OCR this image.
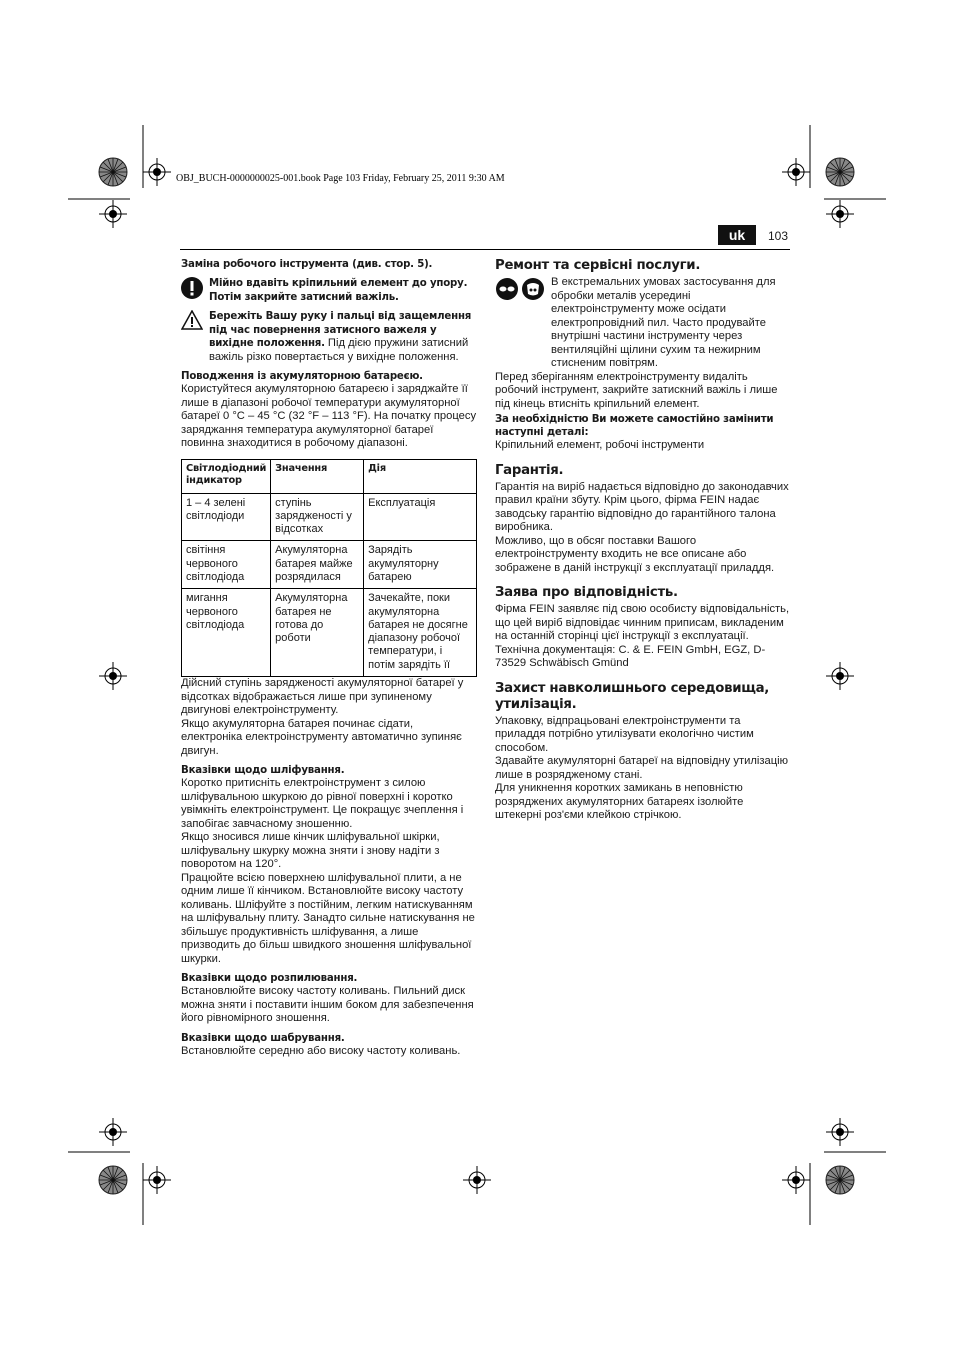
OBJ_BUCH-0000000025-001.book Page 103 Friday, February 25, 2011 9:30 AM
uk	103

Заміна робочого інструмента (див. стор. 5).

Мійно вдавіть кріпильний елемент до упору. Потім закрийте затисний важіль.
Бережіть Вашу руку і пальці від защемлення під час повернення затисного важеля у вихідне положення. Під дією пружини затисний важіль різко повертається у вихідне положення.

Поводження із акумуляторною батареєю.

Користуйтеся акумуляторною батареєю і заряджайте її лише в діапазоні робочої температури акумуляторної батареї 0 °C – 45 °C (32 °F – 113 °F). На початку процесу заряджання температура акумуляторної батареї повинна знаходитися в робочому діапазоні.

Світлодіодний індикатор	Значення	Дія
1 – 4 зелені світлодіоди	ступінь зарядженості у відсотках	Експлуатація
світіння червоного світлодіода	Акумуляторна батарея майже розрядилася	Зарядіть акумуляторну батарею
мигання червоного світлодіода	Акумуляторна батарея не готова до роботи	Зачекайте, поки акумуляторна батарея не досягне діапазону робочої температури, і потім зарядіть її

Дійсний ступінь зарядженості акумуляторної батареї у відсотках відображається лише при зупиненому двигунові електроінструменту.

Якщо акумуляторна батарея починає сідати, електроніка електроінструменту автоматично зупиняє двигун.

Вказівки щодо шліфування.

Коротко притисніть електроінструмент з силою шліфувальною шкуркою до рівної поверхні і коротко увімкніть електроінструмент. Це покращує зчеплення і запобігає завчасному зношенню.

Якщо зносився лише кінчик шліфувальної шкірки, шліфувальну шкурку можна зняти і знову надіти з поворотом на 120°.

Працюйте всією поверхнею шліфувальної плити, а не одним лише її кінчиком. Встановлюйте високу частоту коливань. Шліфуйте з постійним, легким натискуванням на шліфувальну плиту. Занадто сильне натискування не збільшує продуктивність шліфування, а лише призводить до більш швидкого зношення шліфувальної шкурки.

Вказівки щодо розпилювання.

Встановлюйте високу частоту коливань. Пильний диск можна зняти і поставити іншим боком для забезпечення його рівномірного зношення.

Вказівки щодо шабрування.

Встановлюйте середню або високу частоту коливань.

Ремонт та сервісні послуги.

В екстремальних умовах застосування для обробки металів усередині електроінструменту може осідати електропровідний пил. Часто продувайте внутрішні частини інструменту через вентиляційні щілини сухим та нежирним стисненим повітрям.

Перед зберіганням електроінструменту видаліть робочий інструмент, закрийте затискний важіль і лише під кінець втисніть кріпильний елемент.

За необхідністю Ви можете самостійно замінити наступні деталі:

Кріпильний елемент, робочі інструменти

Гарантія.

Гарантія на виріб надається відповідно до законодавчих правил країни збуту. Крім цього, фірма FEIN надає заводську гарантію відповідно до гарантійного талона виробника.

Можливо, що в обсяг поставки Вашого електроінструменту входить не все описане або зображене в даній інструкції з експлуатації приладдя.

Заява про відповідність.

Фірма FEIN заявляє під свою особисту відповідальність, що цей виріб відповідає чинним приписам, викладеним на останній сторінці цієї інструкції з експлуатації.

Технічна документація: C. & E. FEIN GmbH, EGZ, D-73529 Schwäbisch Gmünd

Захист навколишнього середовища, утилізація.

Упаковку, відпрацьовані електроінструменти та приладдя потрібно утилізувати екологічно чистим способом.

Здавайте акумуляторні батареї на відповідну утилізацію лише в розрядженому стані.

Для уникнення коротких замикань в неповністю розряджених акумуляторних батареях ізолюйте штекерні роз'єми клейкою стрічкою.
